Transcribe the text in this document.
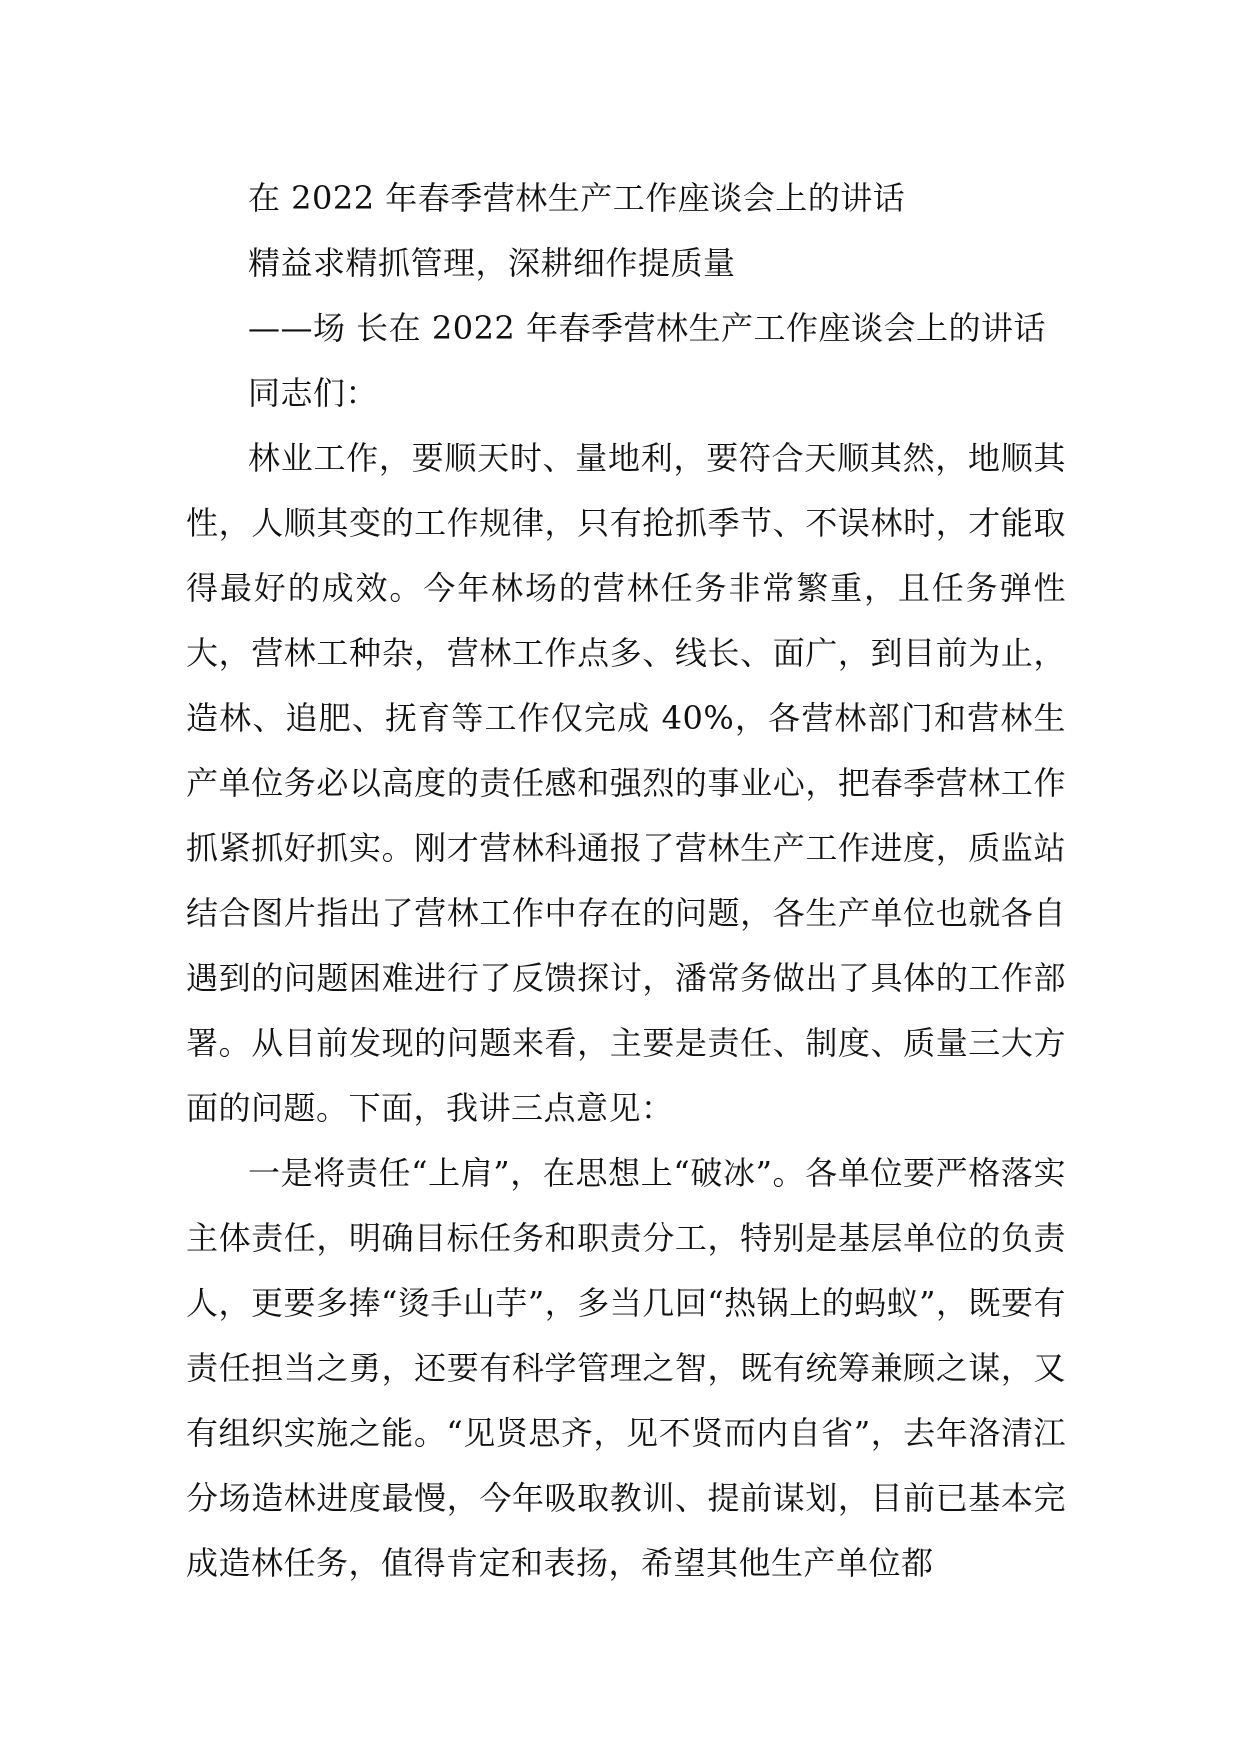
在 2022 年春季营林生产工作座谈会上的讲话
精益求精抓管理，深耕细作提质量
——场 长在 2022 年春季营林生产工作座谈会上的讲话
同志们：

林业工作，要顺天时、量地利，要符合天顺其然，地顺其性，人顺其变的工作规律，只有抢抓季节、不误林时，才能取得最好的成效。今年林场的营林任务非常繁重，且任务弹性大，营林工种杂，营林工作点多、线长、面广，到目前为止，造林、追肥、抚育等工作仅完成 40%，各营林部门和营林生产单位务必以高度的责任感和强烈的事业心，把春季营林工作抓紧抓好抓实。刚才营林科通报了营林生产工作进度，质监站结合图片指出了营林工作中存在的问题，各生产单位也就各自遇到的问题困难进行了反馈探讨，潘常务做出了具体的工作部署。从目前发现的问题来看，主要是责任、制度、质量三大方面的问题。下面，我讲三点意见：

一是将责任“上肩”，在思想上“破冰”。各单位要严格落实主体责任，明确目标任务和职责分工，特别是基层单位的负责人，更要多捧“烫手山芋”，多当几回“热锅上的蚂蚁”，既要有责任担当之勇，还要有科学管理之智，既有统筹兼顾之谋，又有组织实施之能。“见贤思齐，见不贤而内自省”，去年洛清江分场造林进度最慢，今年吸取教训、提前谋划，目前已基本完成造林任务，值得肯定和表扬，希望其他生产单位都
